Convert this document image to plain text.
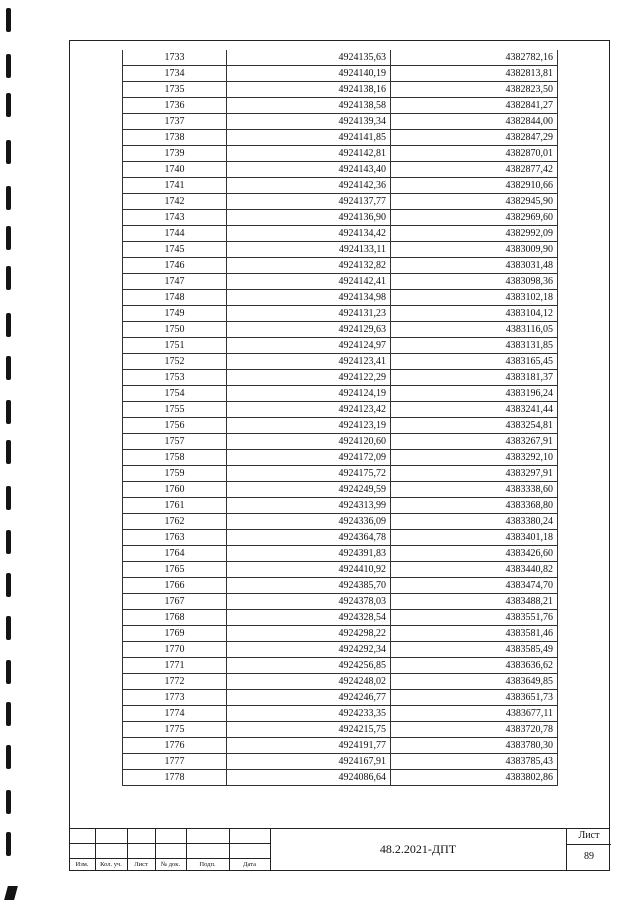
1733	4924135,63	4382782,16
1734	4924140,19	4382813,81
1735	4924138,16	4382823,50
1736	4924138,58	4382841,27
1737	4924139,34	4382844,00
1738	4924141,85	4382847,29
1739	4924142,81	4382870,01
1740	4924143,40	4382877,42
1741	4924142,36	4382910,66
1742	4924137,77	4382945,90
1743	4924136,90	4382969,60
1744	4924134,42	4382992,09
1745	4924133,11	4383009,90
1746	4924132,82	4383031,48
1747	4924142,41	4383098,36
1748	4924134,98	4383102,18
1749	4924131,23	4383104,12
1750	4924129,63	4383116,05
1751	4924124,97	4383131,85
1752	4924123,41	4383165,45
1753	4924122,29	4383181,37
1754	4924124,19	4383196,24
1755	4924123,42	4383241,44
1756	4924123,19	4383254,81
1757	4924120,60	4383267,91
1758	4924172,09	4383292,10
1759	4924175,72	4383297,91
1760	4924249,59	4383338,60
1761	4924313,99	4383368,80
1762	4924336,09	4383380,24
1763	4924364,78	4383401,18
1764	4924391,83	4383426,60
1765	4924410,92	4383440,82
1766	4924385,70	4383474,70
1767	4924378,03	4383488,21
1768	4924328,54	4383551,76
1769	4924298,22	4383581,46
1770	4924292,34	4383585,49
1771	4924256,85	4383636,62
1772	4924248,02	4383649,85
1773	4924246,77	4383651,73
1774	4924233,35	4383677,11
1775	4924215,75	4383720,78
1776	4924191,77	4383780,30
1777	4924167,91	4383785,43
1778	4924086,64	4383802,86
Изм.	Кол. уч.	Лист	№ док.	Подп.	Дата
48.2.2021-ДПТ
Лист
89
